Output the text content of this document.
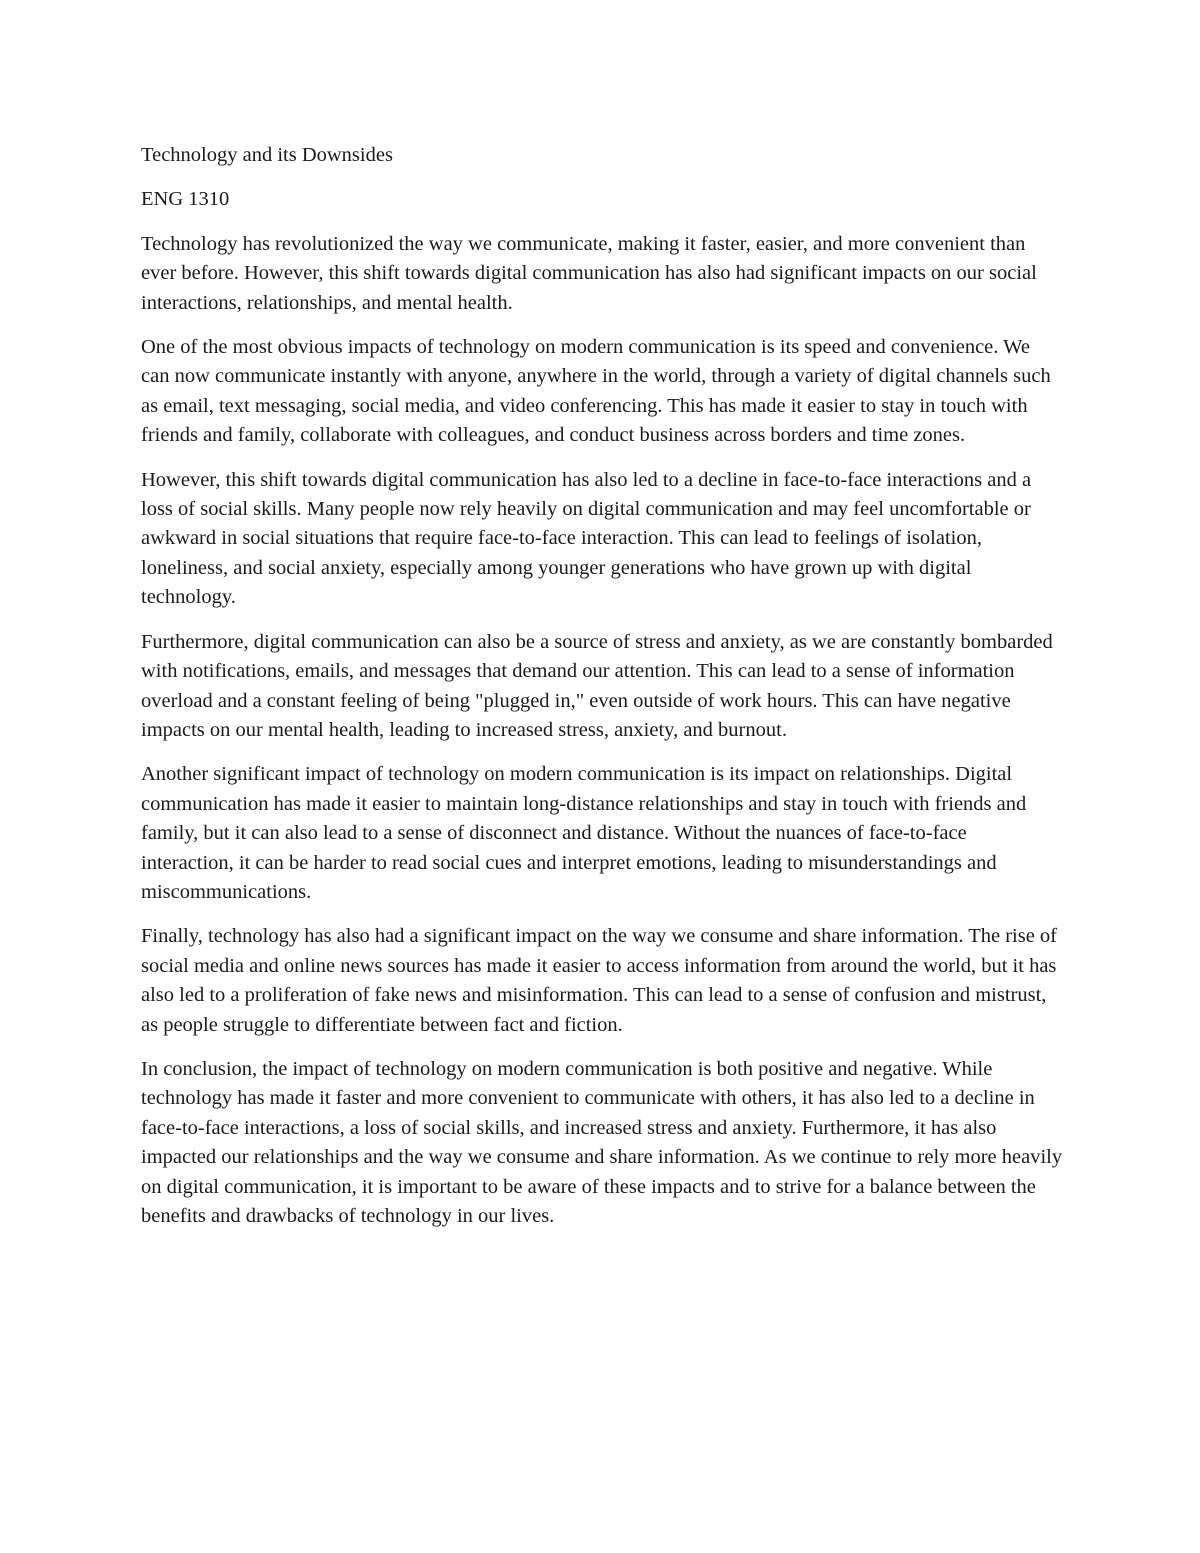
Technology and its Downsides

ENG 1310

Technology has revolutionized the way we communicate, making it faster, easier, and more convenient than ever before. However, this shift towards digital communication has also had significant impacts on our social interactions, relationships, and mental health.

One of the most obvious impacts of technology on modern communication is its speed and convenience. We can now communicate instantly with anyone, anywhere in the world, through a variety of digital channels such as email, text messaging, social media, and video conferencing. This has made it easier to stay in touch with friends and family, collaborate with colleagues, and conduct business across borders and time zones.

However, this shift towards digital communication has also led to a decline in face-to-face interactions and a loss of social skills. Many people now rely heavily on digital communication and may feel uncomfortable or awkward in social situations that require face-to-face interaction. This can lead to feelings of isolation, loneliness, and social anxiety, especially among younger generations who have grown up with digital technology.

Furthermore, digital communication can also be a source of stress and anxiety, as we are constantly bombarded with notifications, emails, and messages that demand our attention. This can lead to a sense of information overload and a constant feeling of being "plugged in," even outside of work hours. This can have negative impacts on our mental health, leading to increased stress, anxiety, and burnout.

Another significant impact of technology on modern communication is its impact on relationships. Digital communication has made it easier to maintain long-distance relationships and stay in touch with friends and family, but it can also lead to a sense of disconnect and distance. Without the nuances of face-to-face interaction, it can be harder to read social cues and interpret emotions, leading to misunderstandings and miscommunications.

Finally, technology has also had a significant impact on the way we consume and share information. The rise of social media and online news sources has made it easier to access information from around the world, but it has also led to a proliferation of fake news and misinformation. This can lead to a sense of confusion and mistrust, as people struggle to differentiate between fact and fiction.

In conclusion, the impact of technology on modern communication is both positive and negative. While technology has made it faster and more convenient to communicate with others, it has also led to a decline in face-to-face interactions, a loss of social skills, and increased stress and anxiety. Furthermore, it has also impacted our relationships and the way we consume and share information. As we continue to rely more heavily on digital communication, it is important to be aware of these impacts and to strive for a balance between the benefits and drawbacks of technology in our lives.
